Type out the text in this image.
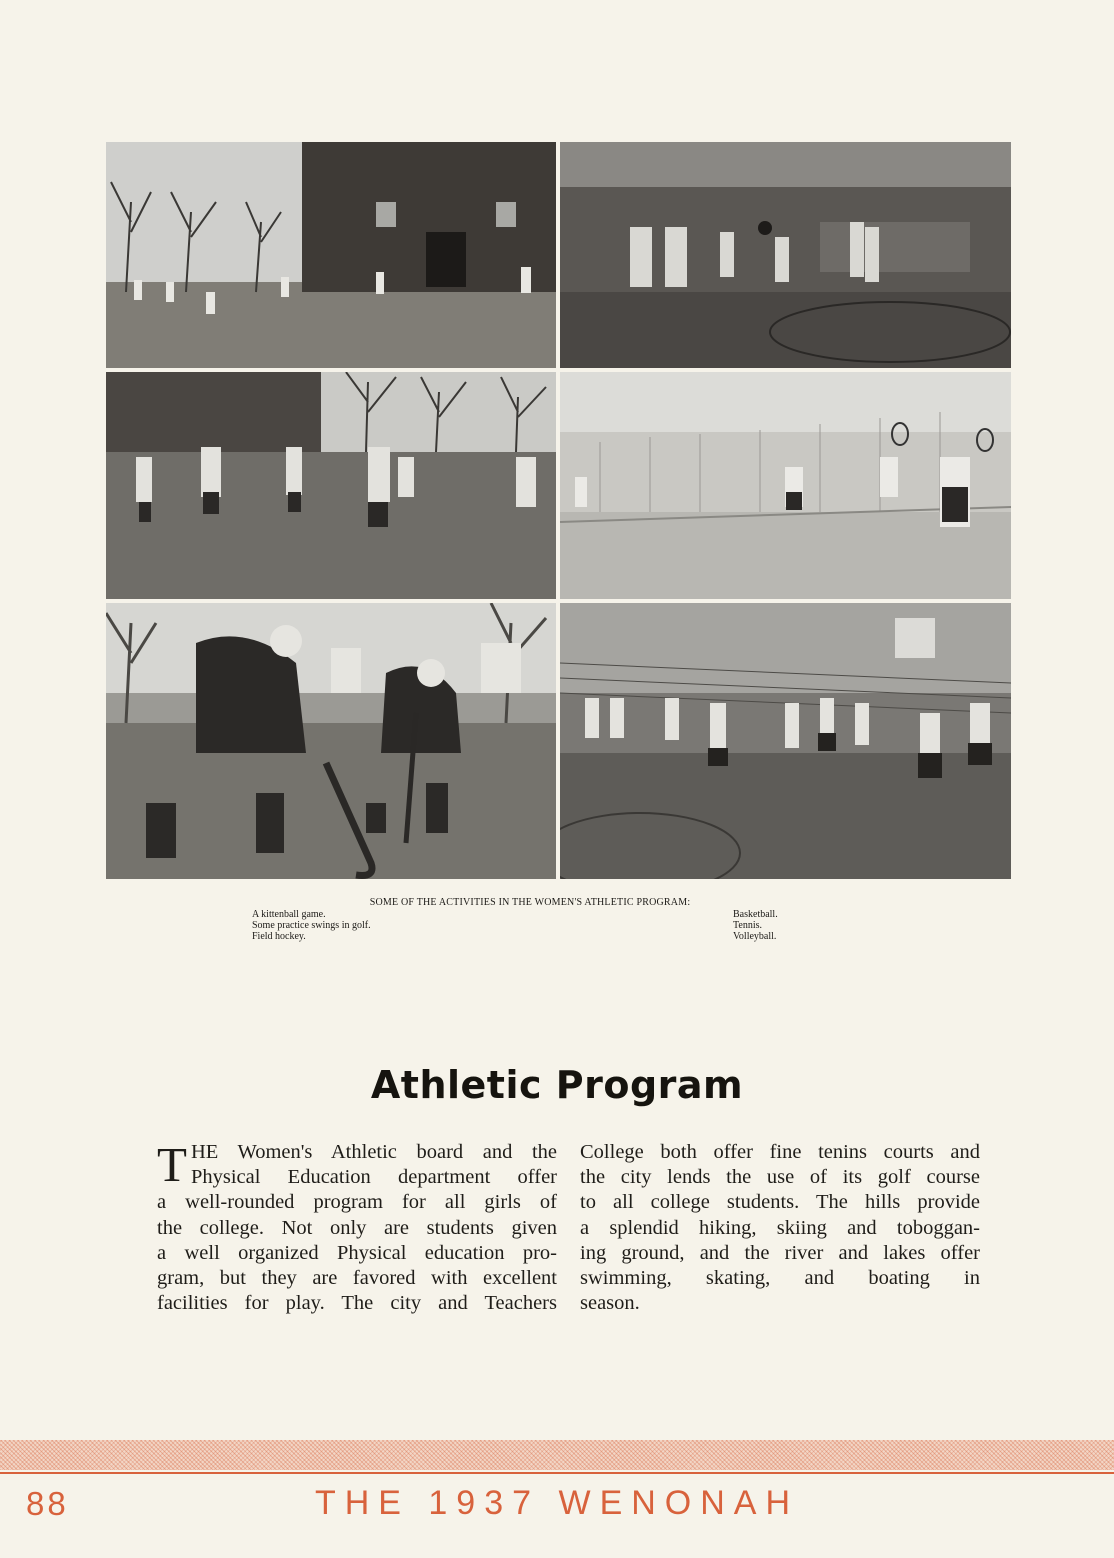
SOME OF THE ACTIVITIES IN THE WOMEN'S ATHLETIC PROGRAM:
A kittenball game.
Some practice swings in golf.
Field hockey.
Basketball.
Tennis.
Volleyball.
Athletic Program
T HE Women's Athletic board and the
Physical Education department offer
a well-rounded program for all girls of
the college. Not only are students given
a well organized Physical education pro-
gram, but they are favored with excellent
facilities for play. The city and Teachers
College both offer fine tenins courts and
the city lends the use of its golf course
to all college students. The hills provide
a splendid hiking, skiing and toboggan-
ing ground, and the river and lakes offer
swimming, skating, and boating in
season.
88	THE 1937 WENONAH
